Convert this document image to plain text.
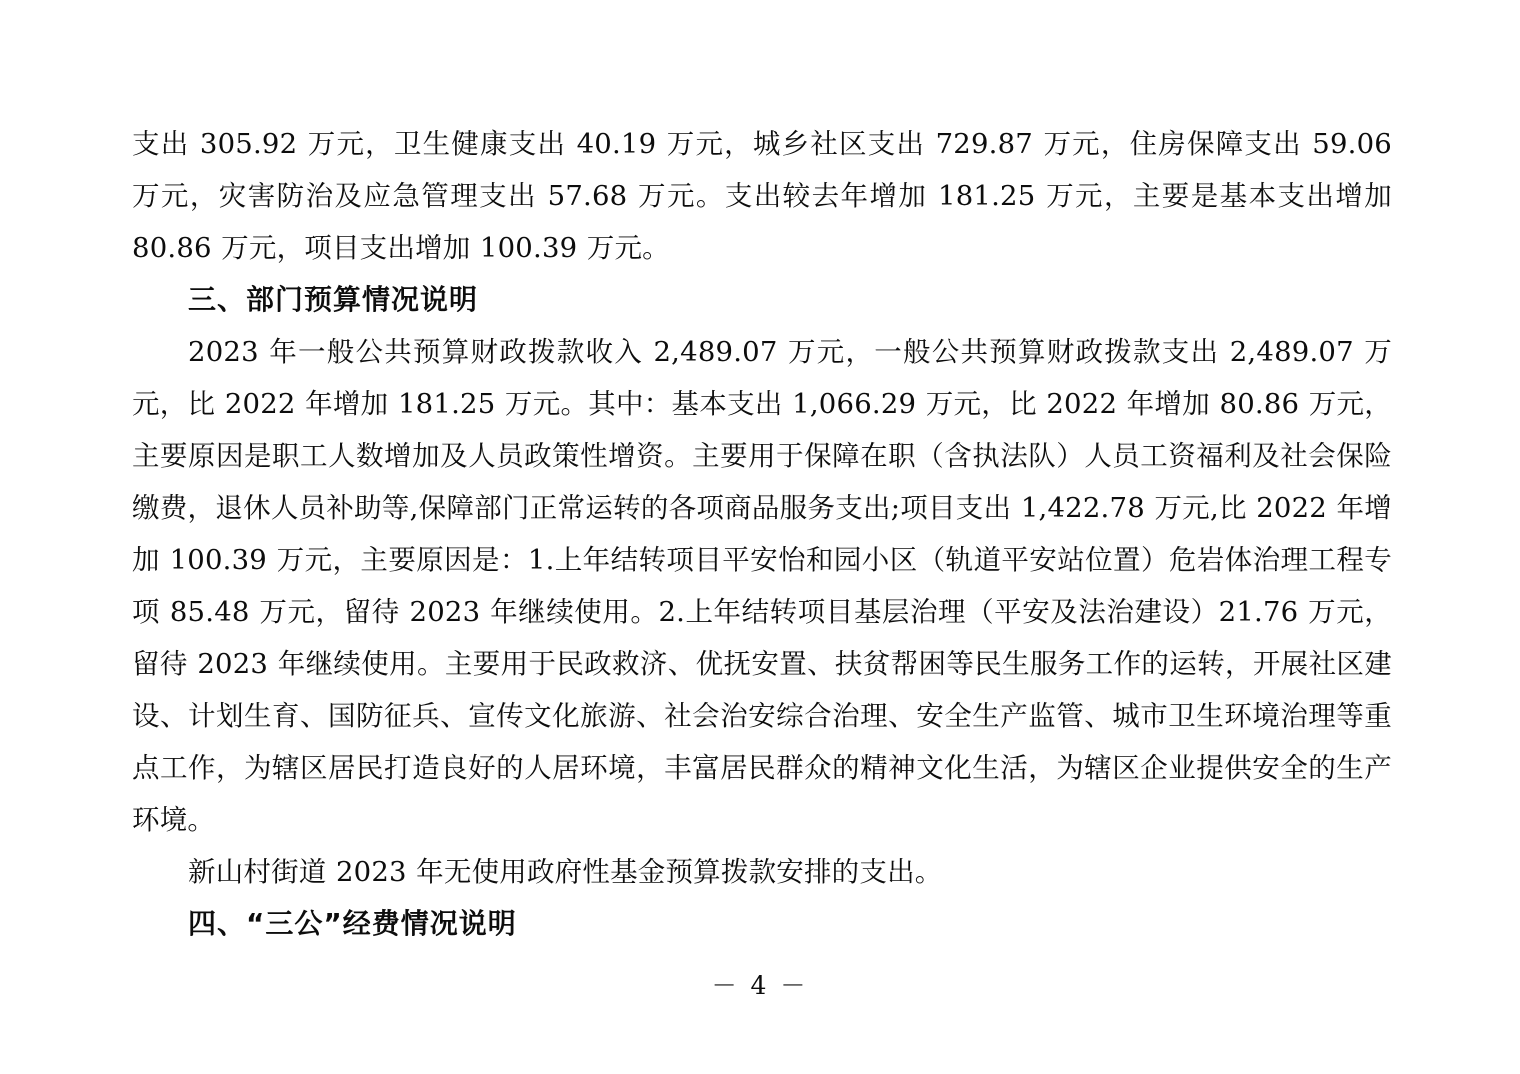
支出 305.92 万元，卫生健康支出 40.19 万元，城乡社区支出 729.87 万元，住房保障支出 59.06 万元，灾害防治及应急管理支出 57.68 万元。支出较去年增加 181.25 万元，主要是基本支出增加 80.86 万元，项目支出增加 100.39 万元。

三、部门预算情况说明

2023 年一般公共预算财政拨款收入 2,489.07 万元，一般公共预算财政拨款支出 2,489.07 万元，比 2022 年增加 181.25 万元。其中：基本支出 1,066.29 万元，比 2022 年增加 80.86 万元，主要原因是职工人数增加及人员政策性增资。主要用于保障在职（含执法队）人员工资福利及社会保险缴费，退休人员补助等,保障部门正常运转的各项商品服务支出;项目支出 1,422.78 万元,比 2022 年增加 100.39 万元，主要原因是：1.上年结转项目平安怡和园小区（轨道平安站位置）危岩体治理工程专项 85.48 万元，留待 2023 年继续使用。2.上年结转项目基层治理（平安及法治建设）21.76 万元，留待 2023 年继续使用。主要用于民政救济、优抚安置、扶贫帮困等民生服务工作的运转，开展社区建设、计划生育、国防征兵、宣传文化旅游、社会治安综合治理、安全生产监管、城市卫生环境治理等重点工作，为辖区居民打造良好的人居环境，丰富居民群众的精神文化生活，为辖区企业提供安全的生产环境。

新山村街道 2023 年无使用政府性基金预算拨款安排的支出。

四、“三公”经费情况说明
－ 4 －
